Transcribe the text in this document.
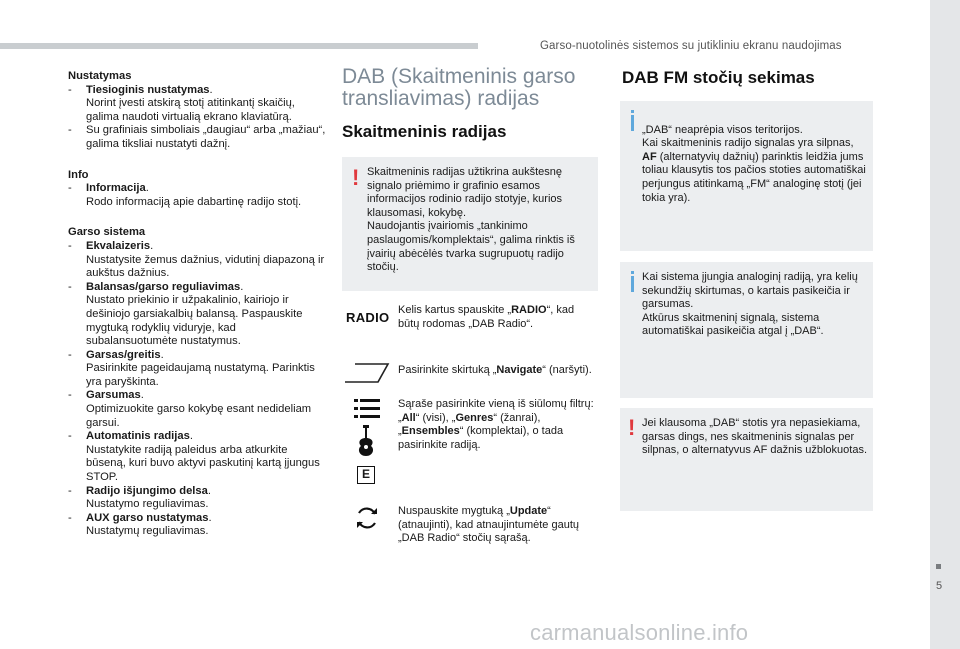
Garso-nuotolinės sistemos su jutikliniu ekranu naudojimas
5
carmanualsonline.info
Nustatymas
- Tiesioginis nustatymas.
Norint įvesti atskirą stotį atitinkantį skaičių, galima naudoti virtualią ekrano klaviatūrą.
- Su grafiniais simboliais „daugiau“ arba „mažiau“, galima tiksliai nustatyti dažnį.
Info
- Informacija.
Rodo informaciją apie dabartinę radijo stotį.
Garso sistema
- Ekvalaizeris.
Nustatysite žemus dažnius, vidutinį diapazoną ir aukštus dažnius.
- Balansas/garso reguliavimas.
Nustato priekinio ir užpakalinio, kairiojo ir dešiniojo garsiakalbių balansą. Paspauskite mygtuką rodyklių viduryje, kad subalansuotumėte nustatymus.
- Garsas/greitis.
Pasirinkite pageidaujamą nustatymą. Parinktis yra paryškinta.
- Garsumas.
Optimizuokite garso kokybę esant nedideliam garsui.
- Automatinis radijas.
Nustatykite radiją paleidus arba atkurkite būseną, kuri buvo aktyvi paskutinį kartą įjungus STOP.
- Radijo išjungimo delsa.
Nustatymo reguliavimas.
- AUX garso nustatymas.
Nustatymų reguliavimas.
DAB (Skaitmeninis garso transliavimas) radijas
Skaitmeninis radijas
! Skaitmeninis radijas užtikrina aukštesnę signalo priėmimo ir grafinio esamos informacijos rodinio radijo stotyje, kurios klausomasi, kokybę.
Naudojantis įvairiomis „tankinimo paslaugomis/komplektais“, galima rinktis iš įvairių abėcėlės tvarka sugrupuotų radijo stočių.
RADIO Kelis kartus spauskite „RADIO“, kad būtų rodomas „DAB Radio“.
Pasirinkite skirtuką „Navigate“ (naršyti).
E
Sąraše pasirinkite vieną iš siūlomų filtrų: „All“ (visi), „Genres“ (žanrai), „Ensembles“ (komplektai), o tada pasirinkite radiją.
Nuspauskite mygtuką „Update“ (atnaujinti), kad atnaujintumėte gautų „DAB Radio“ stočių sąrašą.
DAB FM stočių sekimas

„DAB“ neaprėpia visos teritorijos.
Kai skaitmeninis radijo signalas yra silpnas, AF (alternatyvių dažnių) parinktis leidžia jums toliau klausytis tos pačios stoties automatiškai perjungus atitinkamą „FM“ analoginę stotį (jei tokia yra).

Kai sistema įjungia analoginį radiją, yra kelių sekundžių skirtumas, o kartais pasikeičia ir garsumas.
Atkūrus skaitmeninį signalą, sistema automatiškai pasikeičia atgal į „DAB“.
! Jei klausoma „DAB“ stotis yra nepasiekiama, garsas dings, nes skaitmeninis signalas per silpnas, o alternatyvus AF dažnis užblokuotas.
